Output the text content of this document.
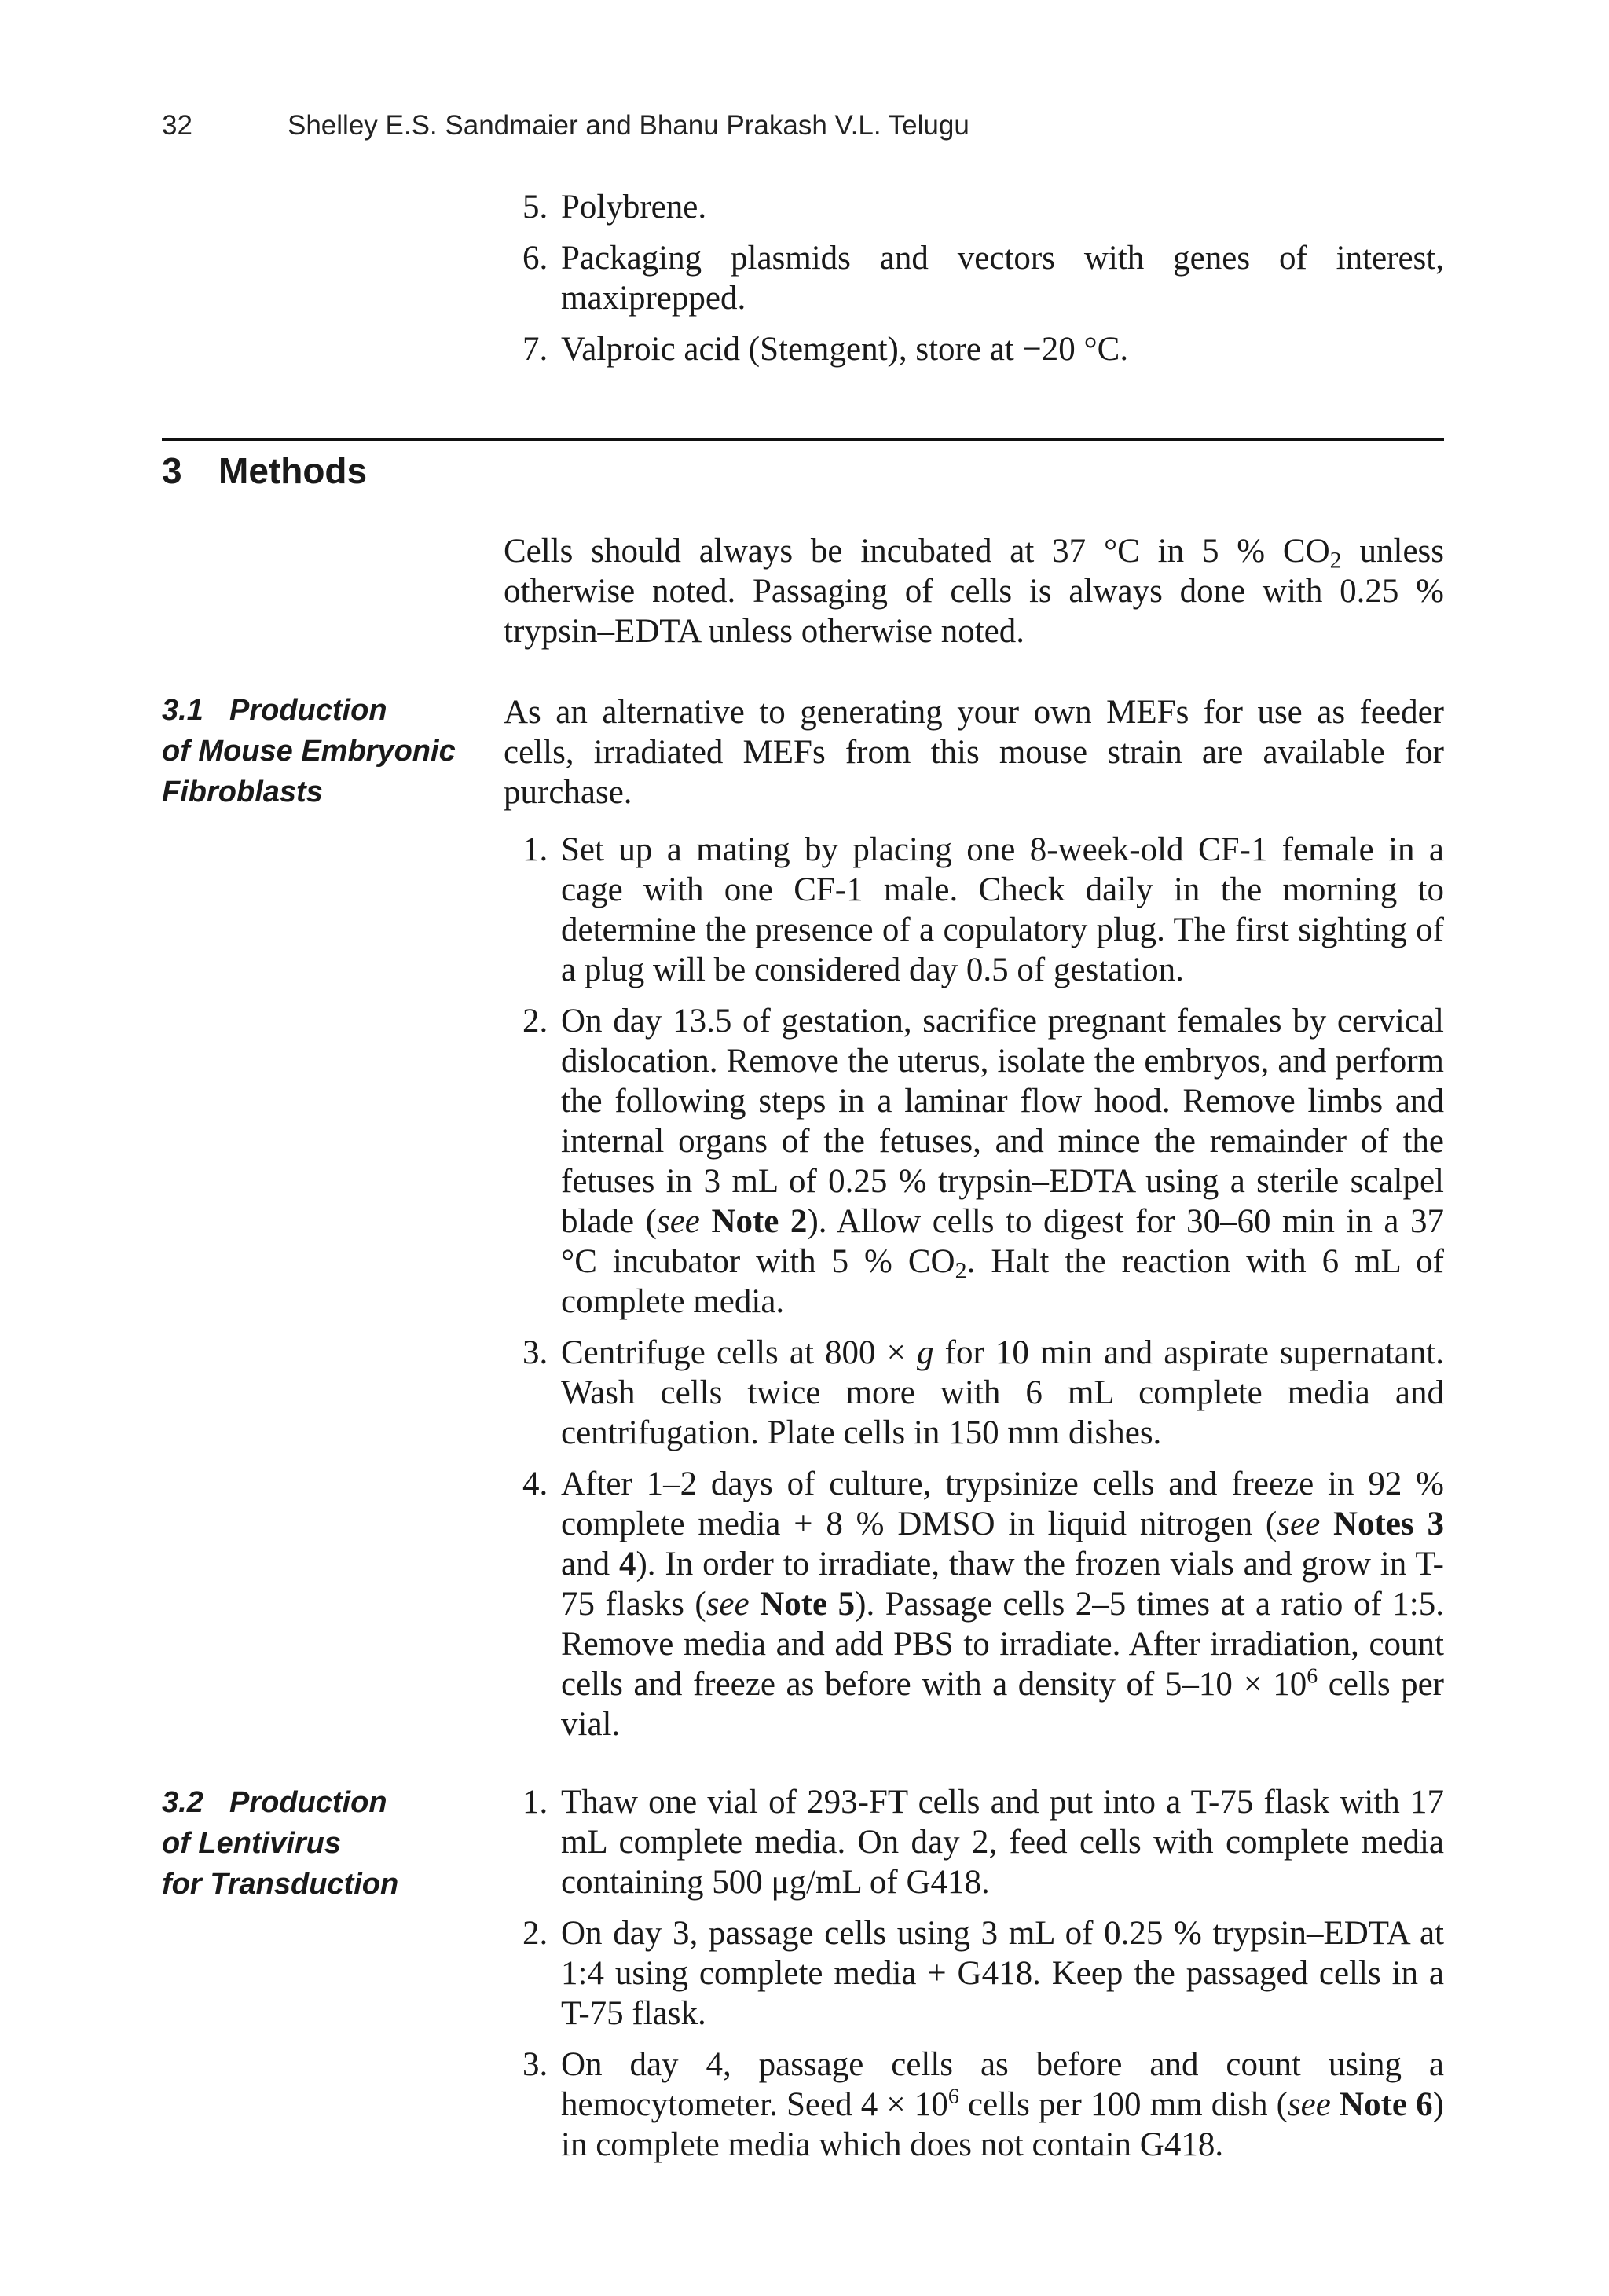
32	Shelley E.S. Sandmaier and Bhanu Prakash V.L. Telugu
5. Polybrene.
6. Packaging plasmids and vectors with genes of interest, maxiprepped.
7. Valproic acid (Stemgent), store at −20 °C.
3 Methods

Cells should always be incubated at 37 °C in 5 % $CO_2$ unless otherwise noted. Passaging of cells is always done with 0.25 % trypsin–EDTA unless otherwise noted.

3.1 Production
of Mouse Embryonic
Fibroblasts

As an alternative to generating your own MEFs for use as feeder cells, irradiated MEFs from this mouse strain are available for purchase.

1. Set up a mating by placing one 8-week-old CF-1 female in a cage with one CF-1 male. Check daily in the morning to determine the presence of a copulatory plug. The first sighting of a plug will be considered day 0.5 of gestation.
2. On day 13.5 of gestation, sacrifice pregnant females by cervical dislocation. Remove the uterus, isolate the embryos, and perform the following steps in a laminar flow hood. Remove limbs and internal organs of the fetuses, and mince the remainder of the fetuses in 3 mL of 0.25 % trypsin–EDTA using a sterile scalpel blade (see Note 2). Allow cells to digest for 30–60 min in a 37 °C incubator with 5 % $CO_2$. Halt the reaction with 6 mL of complete media.
3. Centrifuge cells at 800 × g for 10 min and aspirate supernatant. Wash cells twice more with 6 mL complete media and centrifugation. Plate cells in 150 mm dishes.
4. After 1–2 days of culture, trypsinize cells and freeze in 92 % complete media + 8 % DMSO in liquid nitrogen (see Notes 3 and 4). In order to irradiate, thaw the frozen vials and grow in T-75 flasks (see Note 5). Passage cells 2–5 times at a ratio of 1:5. Remove media and add PBS to irradiate. After irradiation, count cells and freeze as before with a density of $5-10 \times 10^6$ cells per vial.
3.2 Production
of Lentivirus
for Transduction
1. Thaw one vial of 293-FT cells and put into a T-75 flask with 17 mL complete media. On day 2, feed cells with complete media containing 500 μg/mL of G418.
2. On day 3, passage cells using 3 mL of 0.25 % trypsin–EDTA at 1:4 using complete media + G418. Keep the passaged cells in a T-75 flask.
3. On day 4, passage cells as before and count using a hemocytometer. Seed $4 \times 10^6$ cells per 100 mm dish (see Note 6) in complete media which does not contain G418.
